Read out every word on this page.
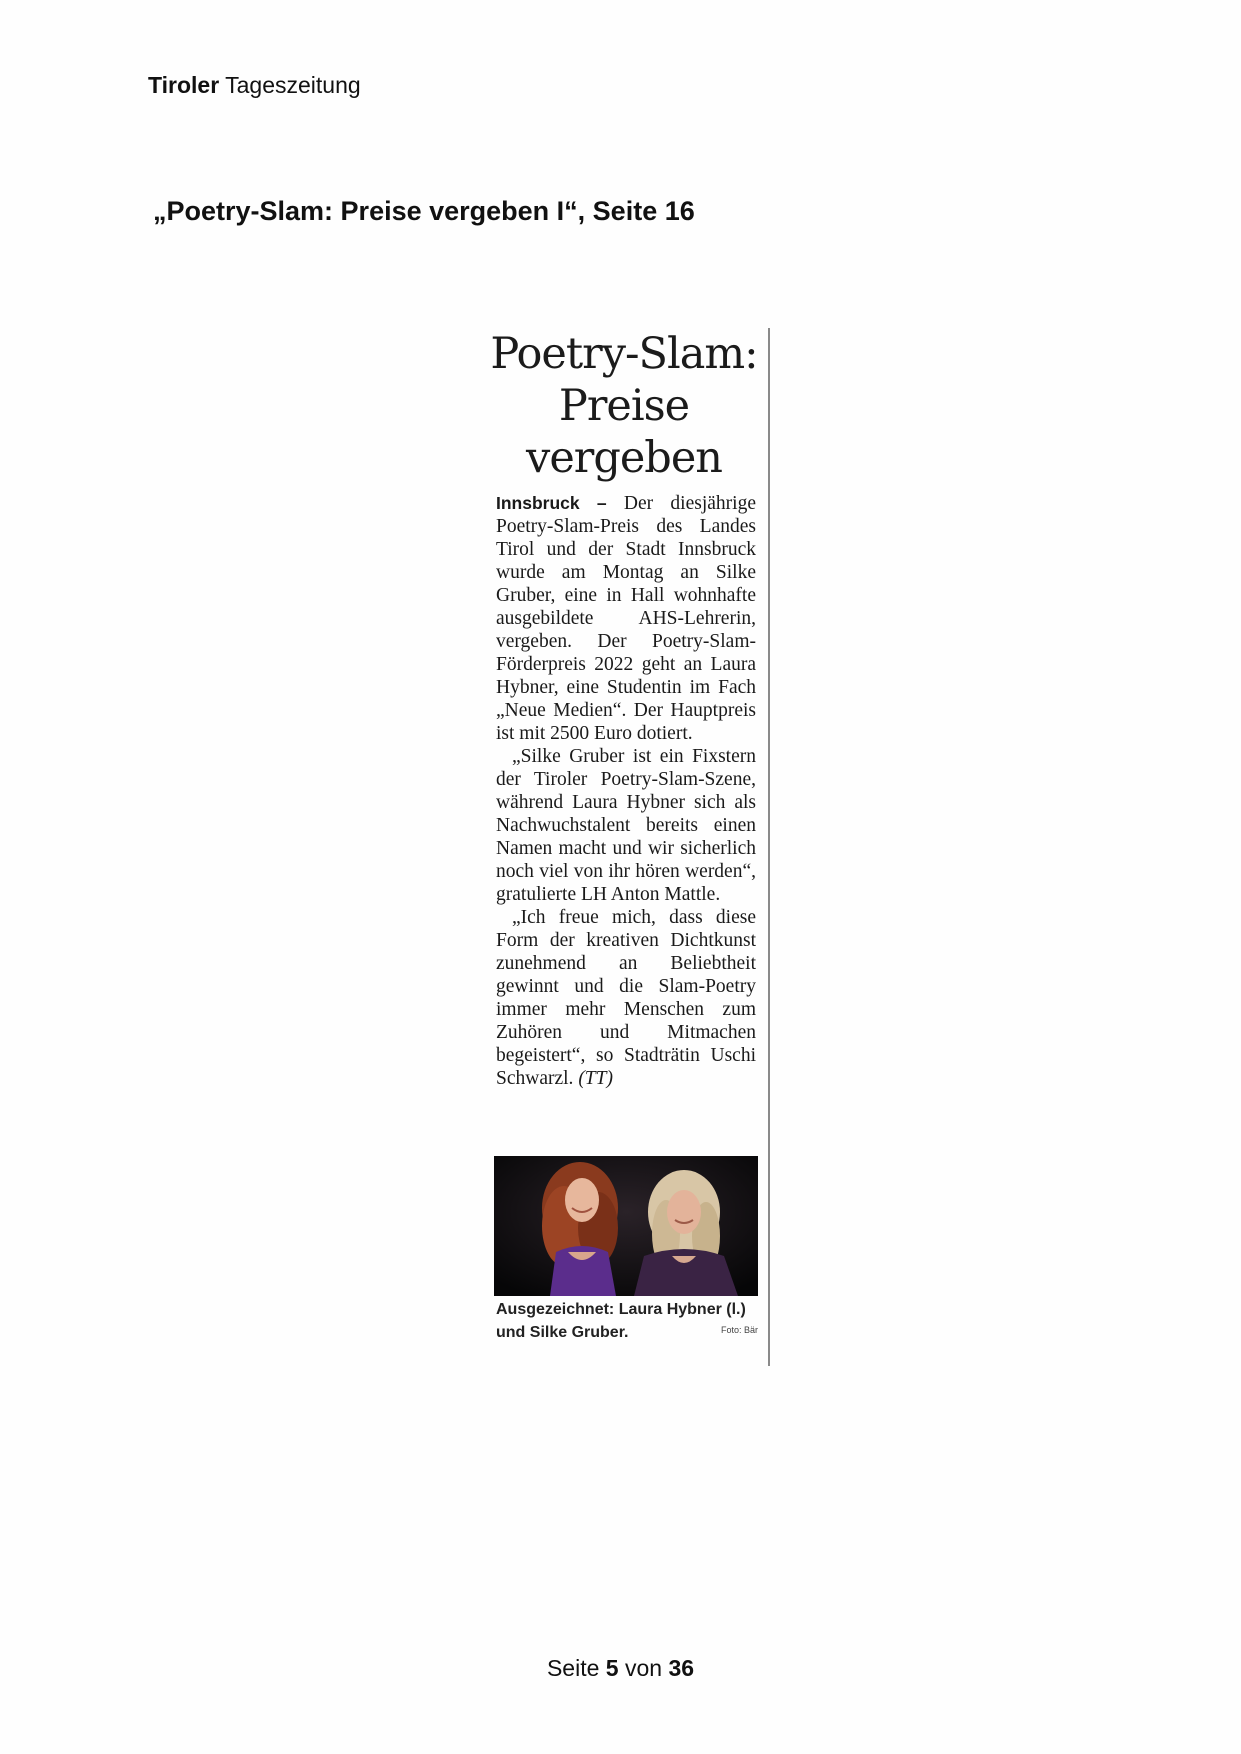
Tiroler Tageszeitung
„Poetry-Slam: Preise vergeben I“, Seite 16
Poetry-Slam:
Preise
vergeben

Innsbruck – Der diesjährige Poetry-Slam-Preis des Landes Tirol und der Stadt Innsbruck wurde am Montag an Silke Gruber, eine in Hall wohnhafte ausgebildete AHS-Lehrerin, vergeben. Der Poetry-Slam-Förderpreis 2022 geht an Laura Hybner, eine Studentin im Fach „Neue Medien“. Der Hauptpreis ist mit 2500 Euro dotiert.

„Silke Gruber ist ein Fixstern der Tiroler Poetry-Slam-Szene, während Laura Hybner sich als Nachwuchstalent bereits einen Namen macht und wir sicherlich noch viel von ihr hören werden“, gratulierte LH Anton Mattle.

„Ich freue mich, dass diese Form der kreativen Dichtkunst zunehmend an Beliebtheit gewinnt und die Slam-Poetry immer mehr Menschen zum Zuhören und Mitmachen begeistert“, so Stadträtin Uschi Schwarzl. (TT)

Ausgezeichnet: Laura Hybner (l.) und Silke Gruber.	Foto: Bär
Seite 5 von 36
